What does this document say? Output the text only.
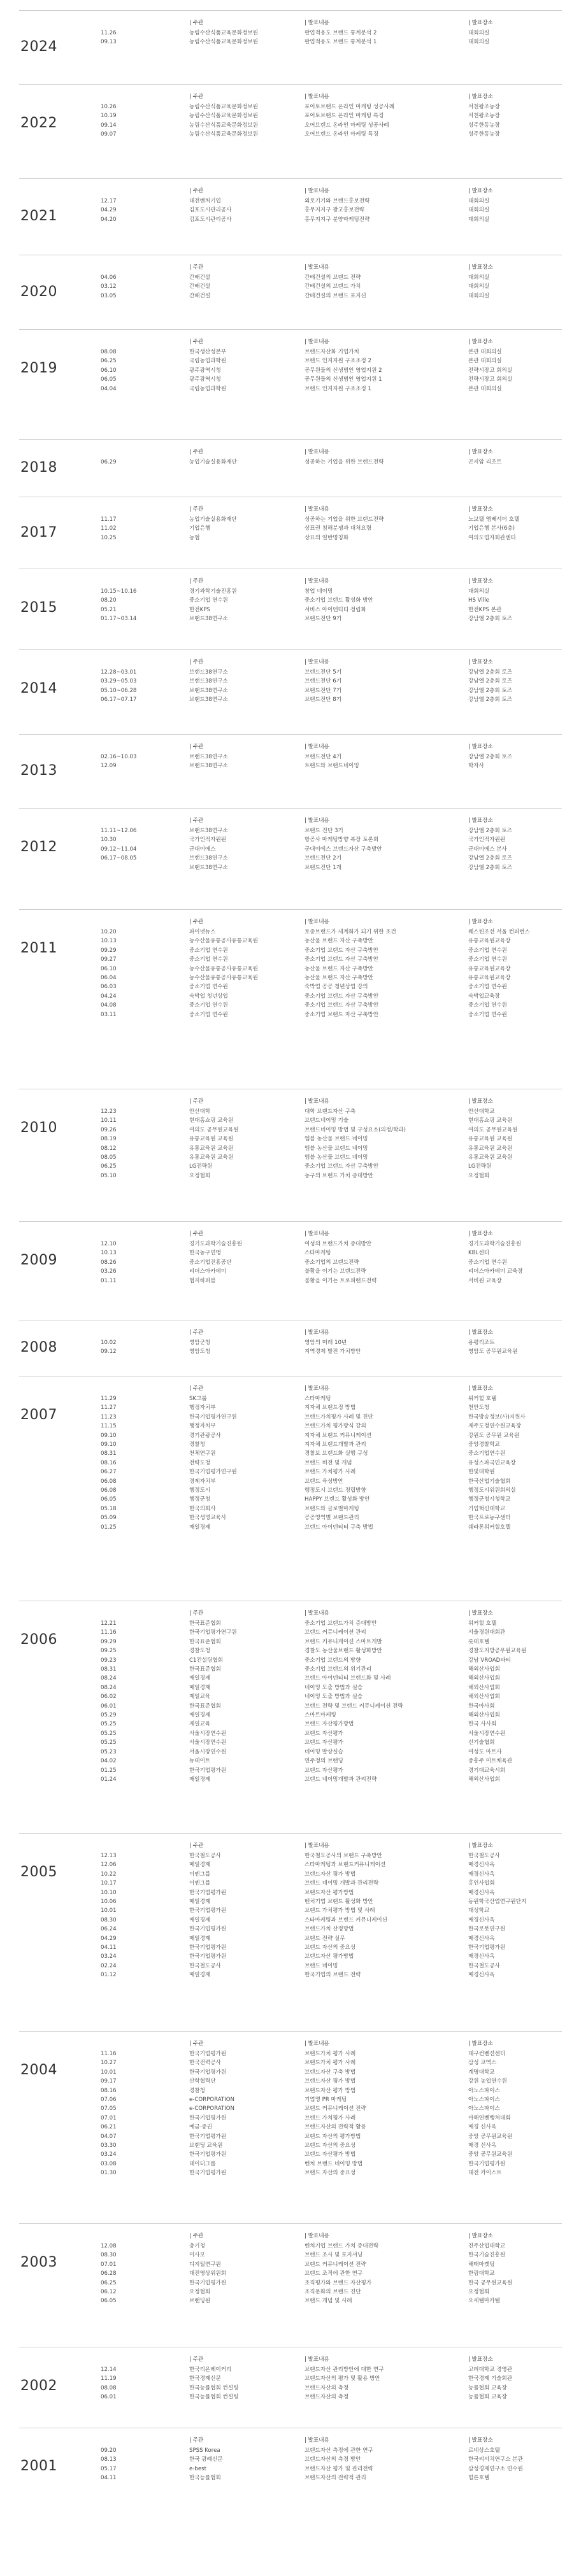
2024
11.26
09.13
| 주관
농림수산식품교육문화정보원
농림수산식품교육문화정보원
| 발표내용
판업적용도 브랜드 통계분석 2
판업적용도 브랜드 통계분석 1
| 발표장소
대회의실
대회의실
2022
10.26
10.19
09.14
09.07
| 주관
농림수산식품교육문화정보원
농림수산식품교육문화정보원
농림수산식품교육문화정보원
농림수산식품교육문화정보원
| 발표내용
포어토브랜드 온라인 마케팅 성공사례
포어토브랜드 온라인 마케팅 특징
오어브랜드 온라인 마케팅 성공사례
오어브랜드 온라인 마케팅 특징
| 발표장소
서천왕조농장
서천왕조농장
성주한동농장
성주한동농장
2021
12.17
04.29
04.20
| 주관
대전벤처기업
김포도시관리공사
김포도시관리공사
| 발표내용
외로기기와 브랜드홍보전략
홍무지지구 광고홍보전략
홍무지지구 분양마케팅전략
| 발표장소
대회의실
대회의실
대회의실
2020
04.06
03.12
03.05
| 주관
간배건설
간배건설
간배건설
| 발표내용
간배건설의 브랜드 전략
간배건설의 브랜드 가치
간배건설의 브랜드 포지션
| 발표장소
대회의실
대회의실
대회의실
2019
08.08
06.25
06.10
06.05
04.04
| 주관
한국생산성본부
국립농업과학원
광주광역시청
광주광역시청
국립농업과학원
| 발표내용
브랜드자산화 기업가치
브랜드 인지자원 구조조정 2
공무원들의 신생범인 영업지원 2
공무원들의 신생범인 영업지원 1
브랜드 인지자원 구조조정 1
| 발표장소
본관 대회의실
본관 대회의실
전략시장고 회의실
전략시장고 회의실
본관 대회의실
2018	06.29
| 주관
농업기술실용화재단
| 발표내용
성공하는 기업을 위한 브랜드전략
| 발표장소
곤지암 리조트
2017
11.17
11.02
10.25
| 주관
농업기술실용화재단
기업은행
농협
| 발표내용
성공하는 기업을 위한 브랜드전략
상표권 침해분쟁과 대처요령
상표의 일반명칭화
| 발표장소
노보텔 앰배서더 호텔
기업은행 본사(6층)
여의도업자회관센터
2015
10.15~10.16
08.20
05.21
01.17~03.14
| 주관
경기과학기술진흥원
중소기업 연수원
한전KPS
브랜드38연구소
| 발표내용
창업 네이밍
중소기업 브랜드 활성화 방안
서비스 아이덴티티 정립화
브랜드전단 9기
| 발표장소
대회의실
HS Ville
한전KPS 본관
강남엘 2층회 토즈
2014
12.28~03.01
03.29~05.03
05.10~06.28
06.17~07.17
| 주관
브랜드38연구소
브랜드38연구소
브랜드38연구소
브랜드38연구소
| 발표내용
브랜드전단 5기
브랜드전단 6기
브랜드전단 7기
브랜드전단 8기
| 발표장소
강남엘 2층회 토즈
강남엘 2층회 토즈
강남엘 2층회 토즈
강남엘 2층회 토즈
2013
02.16~10.03
12.09
| 주관
브랜드38연구소
브랜드38연구소
| 발표내용
브랜드전단 4기
트랜드와 브랜드네이밍
| 발표장소
강남엘 2층회 토즈
학자사
2012
11.11~12.06
10.30
09.12~11.04
06.17~08.05

| 주관
브랜드38연구소
국가인적자원원
군대이에스
브랜드38연구소
브랜드38연구소
| 발표내용
브랜드 진단 3기
항공사 마케팅방향 복장 토론회
군대이에스 브랜드자산 구축방안
브랜드전단 2기
브랜드진단 1개
| 발표장소
강남엘 2층회 토즈
국가인적자원원
군대이에스 본사
강남엘 2층회 토즈
강남엘 2층회 토즈
2011
10.20
10.13
09.29
09.27
06.10
06.04
06.03
04.24
04.08
03.11
| 주관
파이넷뉴스
농수산물유통공사유통교육원
중소기업 연수원
중소기업 연수원
농수산물유통공사유통교육원
농수산물유통공사유통교육원
중소기업 연수원
숙박업 청년상업
중소기업 연수원
중소기업 연수원
| 발표내용
토종브랜드가 세계화가 되기 위한 조건
농산물 브랜드 자산 구축방안
중소기업 브랜드 자산 구축방안
중소기업 브랜드 자산 구축방안
농산물 브랜드 자산 구축방안
농산물 브랜드 자산 구축방안
숙박업 공공 청년상업 강의
중소기업 브랜드 자산 구축방안
중소기업 브랜드 자산 구축방안
중소기업 브랜드 자산 구축방안
| 발표장소
웨스틴조선 서울 컨퍼런스
유통교육원교육장
중소기업 연수원
중소기업 연수원
유통교육원교육장
유통교육원교육장
중소기업 연수원
숙박업교육장
중소기업 연수원
중소기업 연수원
2010
12.23
10.11
09.26
08.19
08.12
08.05
06.25
05.10
| 주관
안산대학
현대홈쇼핑 교육원
여의도 공무원교육원
유통교육원 교육원
유통교육원 교육원
유통교육원 교육원
LG전략원
오정협회
| 발표내용
대학 브랜드자산 구축
브랜드네이밍 기술
브랜드네이밍 방법 및 구성요소(의정/학과)
엠블 농산물 브랜드 네이밍
엠블 농산물 브랜드 네이밍
엠블 농산물 브랜드 네이밍
중소기업 브랜드 자산 구축방안
농구의 브랜드 가치 증대방안
| 발표장소
안산대학교
현대홈쇼핑 교육원
여의도 공무원교육원
유통교육원 교육원
유통교육원 교육원
유통교육원 교육원
LG전략원
오정협회
2009
12.10
10.13
08.26
03.26
01.11
| 주관
경기도과학기술진흥원
한국농구연맹
중소기업진흥공단
리더스아카데미
협지하퍼블
| 발표내용
여성의 브랜드가치 증대방안
스타마케팅
중소기업의 브랜드전략
불황을 이기는 브랜드전략
불황을 이기는 트로피랜드전략
| 발표장소
경기도과학기술진흥원
KBL센터
중소기업 연수원
리더스아카데미 교육장
서비원 교육장
2008	10.02
09.12
| 주관
영암군청
영암도청
| 발표내용
영암의 미래 10년
지역경제 발전 가치방안
| 발표장소
용평리조트
영암도 공무원교육원
2007
11.29
11.27
11.23
11.15
09.10
09.10
08.31
08.16
06.27
06.08
06.08
06.05
05.18
05.09
01.25
| 주관
SK그룹
행정자치부
한국기업평가연구원
행정자치부
경기관광공사
경찰청
천체연구원
전략도청
한국기업평가연구원
경제자치부
행정도시
행정군청
한국의회사
한국생명교육사
매일경제
| 발표내용
스타마케팅
지자체 브랜드정 방법
브랜드가치평가 사례 및 진단
브랜드가치 평가방식 강의
지자체 브랜드 커뮤니케이션
지자체 브랜드개발과 관리
경찰보 브랜드화 실행 구성
브랜드 비전 및 개념
브랜드 가치평가 사례
브랜드 육성방안
행정도시 브랜드 정립방향
HAPPY 브랜드 활성화 방안
브랜드와 글로벌마케팅
공공영역별 브랜드관리
브랜드 아이덴티티 구축 방법
| 발표장소
워커힐 호텔
천안도청
한국방송정보(사)지원사
제주도정연수원교육장
강원도 공무원 교육원
중앙경찰학교
중소기업연수원
유성스파국민교육장
한빛대학원
한국산업기술협회
행정도시위원회의실
행정군청시청학교
기업혁신대학교
한국프로농구센터
쉐라톤워커힐호텔
2006
12.21
11.16
09.29
09.25
09.23
08.31
08.24
08.24
06.02
06.01
05.29
05.25
05.25
05.25
05.23
04.02
01.25
01.24
| 주관
한국표준협회
한국기업평가연구원
한국표준협회
경찰도청
C1컨설팅협회
한국표준협회
매일경제
매일경제
제일교육
한국표준협회
매일경제
제일교육
서울시장연수원
서울시장연수원
서울시장연수원
뉴데이트
한국기업평가원
매일경제
| 발표내용
중소기업 브랜드가치 증대방안
브랜드 커뮤니케이션 관리
브랜드 커뮤니케이션 스마트개발
경찰도 농산물브랜드 활성화방안
중소기업 브랜드의 방향
중소기업 브랜드의 위기관리
브랜드 아이덴티티 브랜드화 및 사례
네이밍 도출 방법과 실습
네이밍 도출 방법과 실습
브랜드 전략 및 브랜드 커뮤니케이션 전략
스마트마케팅
브랜드 자산평가방법
브랜드 자산평가
브랜드 자산평가
네이밍 발상실습
연주정의 브랜딩
브랜드 자산평가
브랜드 네이밍개발과 관리전략
| 발표장소
워커힐 호텔
서울경원대회관
롯데호텔
경찰도지방공무원교육원
강남 VROAD파티
해외산사업회
해외산사업회
해외산사업회
해외산사업회
한국마사회
해외산사업회
한국 사사회
서울시장연수원
신기술협회
여성도 마트사
중흥주 미트체육관
경기대교육시회
해외산사업회
2005
12.13
12.06
10.22
10.17
10.10
10.06
10.01
08.30
06.24
04.29
04.11
03.24
02.24
01.12
| 주관
한국철도공사
매일경제
이엔그룹
이엔그룹
한국기업평가원
매일경제
한국기업평가원
매일경제
한국기업평가원
매일경제
한국기업평가원
한국기업평가원
한국철도공사
매일경제
| 발표내용
한국철도공사의 브랜드 구축방안
스타마케팅과 브랜드커뮤니케이션
브랜드자산 평가 방법
브랜드 네이밍 개발과 관리전략
브랜드자산 평가방법
벤처기업 브랜드 활성화 방안
브랜드 가치평가 방법 및 사례
스타마케팅과 브랜드 커뮤니케이션
브랜드가치 산정방법
브랜드 전략 실무
브랜드 자산의 중요성
브랜드자산 평가방법
브랜드 네이밍
한국기업의 브랜드 전략
| 발표장소
한국철도공사
매경신사옥
매경신사옥
홍인사업회
매경신사옥
동원학국산업연구원단지
대성학교
매경신사옥
한국로봇연구원
매경신사옥
한국기업평가원
매경신사옥
한국철도공사
매경신사옥
2004
11.16
10.27
10.01
09.17
08.16
07.06
07.05
07.01
06.21
04.07
03.30
03.24
03.08
01.30
| 주관
한국기업평가원
한국전력공사
한국기업평가원
산학협력단
경찰청
e-CORPORATION
e-CORPORATION
한국기업평가원
예금·증권
한국기업평가원
브랜딩 교육원
한국기업평가원
데이터그룹
한국기업평가원
| 발표내용
브랜드가치 평가 사례
브랜드가치 평가 사례
브랜드자산 구축 방법
브랜드자산 평가 방법
브랜드자산 평가 방법
기업명 PR 마케팅
브랜드 커뮤니케이션 전략
브랜드 가치평가 사례
브랜드자산의 전략적 활용
브랜드 자산의 평가방법
브랜드 자산의 중요성
브랜드 자산평가 방법
벤처 브랜드 네이밍 방법
브랜드 자산의 중요성
| 발표장소
대구컨벤션센터
삼성 코엑스
계명대학교
강원 농업연수원
아노스파이스
아노스파이스
아노스파이스
마해연벤뱅처대회
매경 신사옥
중앙 공무원교육원
매경 신사옥
중앙 공무원교육원
한국기업평가원
대전 카이스트
2003
12.08
08.30
07.01
06.28
06.25
06.12
06.05
| 주관
충기청
이사모
디지털연구원
대전영상위원회
한국기업평가원
오정협회
브랜딩원
| 발표내용
벤처기업 브랜드 가치 증대전략
브랜드 조사 및 포지셔닝
브랜드 커뮤니케이션 전략
브랜드 조직에 관한 연구
조직평가와 브랜드 자산평가
조직문화의 브랜드 진단
브랜드 개념 및 사례
| 발표장소
진주산업대학교
한국기술진흥원
해태마켓팅
한림대학교
한국 공무원교육원
오정협회
오세텔마카텔
2002
12.14
11.19
08.08
06.01
| 주관
한국리온베이커리
한국경제신문
한국능률협회 컨설팅
한국능률협회 컨설팅
| 발표내용
브랜드자산 관리방안에 대한 연구
브랜드자산의 평가 및 활용 방안
브랜드자산의 측정
브랜드자산의 측정
| 발표장소
고려대학교 경영관
한국경제 기술회관
능률협회 교육장
능률협회 교육장
2001
09.20
08.13
05.17
04.11
| 주관
SPSS Korea
한국 광례신문
e-best
한국능률협회
| 발표내용
브랜드자산 측정에 관한 연구
브랜드자산의 측정 방안
브랜드자산 평가 및 관리전략
브랜드자산의 전략적 관리
| 발표장소
르네상스호텔
한국리서치연구소 본관
삼성경제연구소 연수원
힐튼호텔
